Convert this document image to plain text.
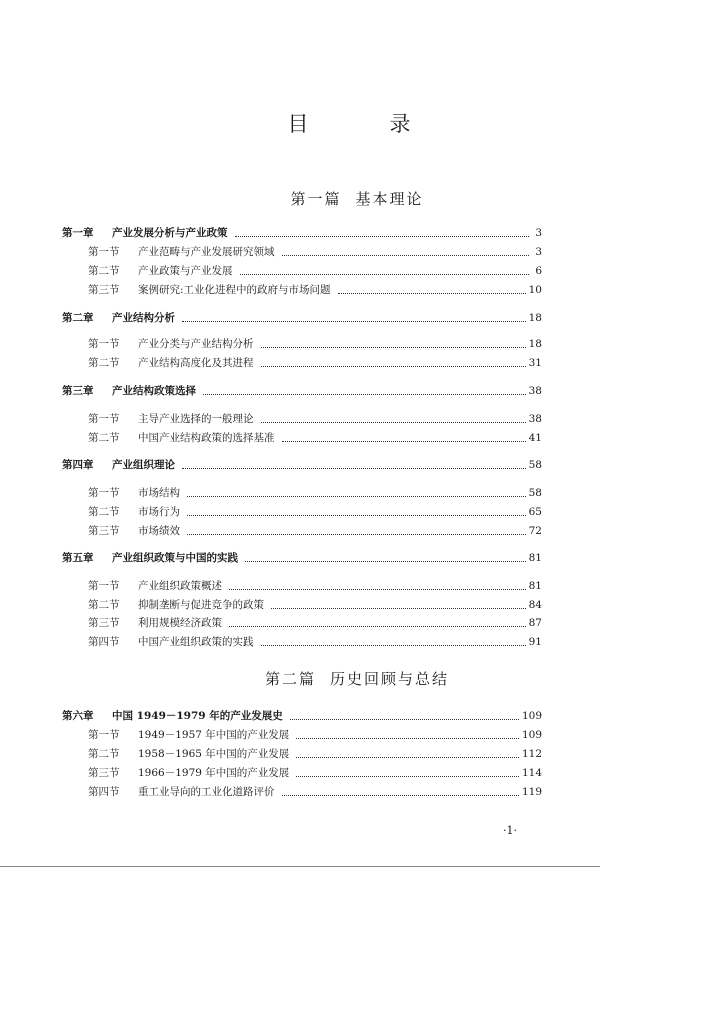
目　录
第一篇 基本理论
第一章	产业发展分析与产业政策	3
第一节	产业范畴与产业发展研究领域	3
第二节	产业政策与产业发展	6
第三节	案例研究:工业化进程中的政府与市场问题	10
第二章	产业结构分析	18
第一节	产业分类与产业结构分析	18
第二节	产业结构高度化及其进程	31
第三章	产业结构政策选择	38
第一节	主导产业选择的一般理论	38
第二节	中国产业结构政策的选择基准	41
第四章	产业组织理论	58
第一节	市场结构	58
第二节	市场行为	65
第三节	市场绩效	72
第五章	产业组织政策与中国的实践	81
第一节	产业组织政策概述	81
第二节	抑制垄断与促进竞争的政策	84
第三节	利用规模经济政策	87
第四节	中国产业组织政策的实践	91
第二篇 历史回顾与总结
第六章	中国 1949－1979 年的产业发展史	109
第一节	1949－1957 年中国的产业发展	109
第二节	1958－1965 年中国的产业发展	112
第三节	1966－1979 年中国的产业发展	114
第四节	重工业导向的工业化道路评价	119
·1·
